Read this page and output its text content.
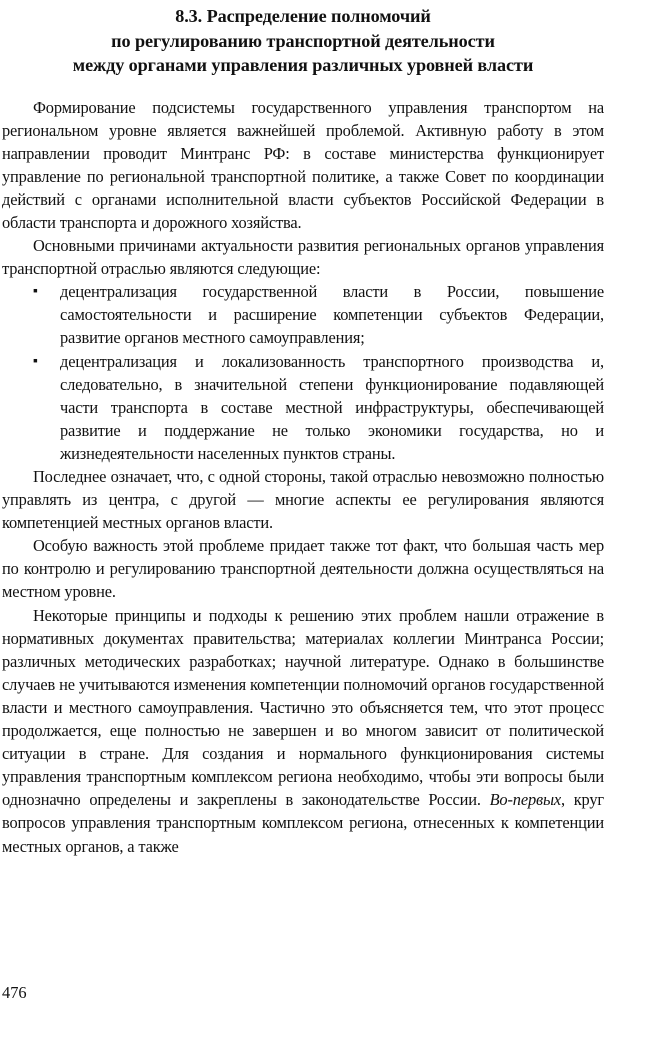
8.3. Распределение полномочий
по регулированию транспортной деятельности
между органами управления различных уровней власти

Формирование подсистемы государственного управления транспортом на региональном уровне является важнейшей проблемой. Активную работу в этом направлении проводит Минтранс РФ: в составе министерства функционирует управление по региональной транспортной политике, а также Совет по координации действий с органами исполнительной власти субъектов Российской Федерации в области транспорта и дорожного хозяйства.

Основными причинами актуальности развития региональных органов управления транспортной отраслью являются следующие:

▪ децентрализация государственной власти в России, повышение самостоятельности и расширение компетенции субъектов Федерации, развитие органов местного самоуправления;
▪ децентрализация и локализованность транспортного производства и, следовательно, в значительной степени функционирование подавляющей части транспорта в составе местной инфраструктуры, обеспечивающей развитие и поддержание не только экономики государства, но и жизнедеятельности населенных пунктов страны.

Последнее означает, что, с одной стороны, такой отраслью невозможно полностью управлять из центра, с другой — многие аспекты ее регулирования являются компетенцией местных органов власти.

Особую важность этой проблеме придает также тот факт, что большая часть мер по контролю и регулированию транспортной деятельности должна осуществляться на местном уровне.

Некоторые принципы и подходы к решению этих проблем нашли отражение в нормативных документах правительства; материалах коллегии Минтранса России; различных методических разработках; научной литературе. Однако в большинстве случаев не учитываются изменения компетенции полномочий органов государственной власти и местного самоуправления. Частично это объясняется тем, что этот процесс продолжается, еще полностью не завершен и во многом зависит от политической ситуации в стране. Для создания и нормального функционирования системы управления транспортным комплексом региона необходимо, чтобы эти вопросы были однозначно определены и закреплены в законодательстве России. Во-первых, круг вопросов управления транспортным комплексом региона, отнесенных к компетенции местных органов, а также

476
